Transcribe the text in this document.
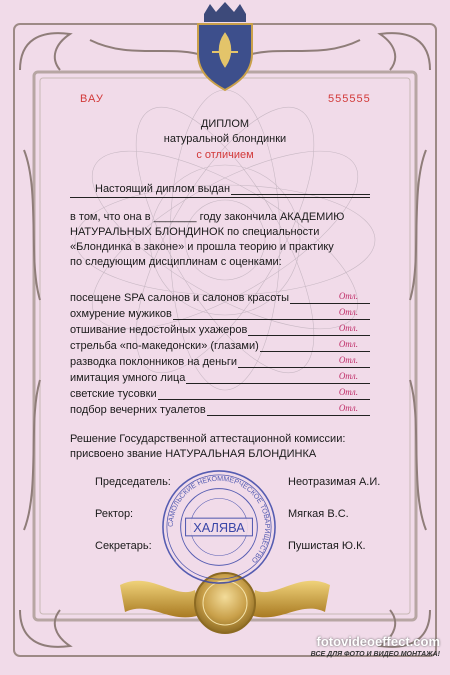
ВАУ	555555
ДИПЛОМ
натуральной блондинки
с отличием
Настоящий диплом выдан
в том, что она в _______ году закончила АКАДЕМИЮ
НАТУРАЛЬНЫХ БЛОНДИНОК по специальности
«Блондинка в законе» и прошла теорию и практику
по следующим дисциплинам с оценками:
посещене SPA салонов и салонов красоты	Отл.
охмурение мужиков	Отл.
отшивание недостойных ухажеров	Отл.
стрельба «по-македонски» (глазами)	Отл.
разводка поклонников на деньги	Отл.
имитация умного лица	Отл.
светские тусовки	Отл.
подбор вечерних туалетов	Отл.
Решение Государственной аттестационной комиссии:
присвоено звание НАТУРАЛЬНАЯ БЛОНДИНКА
Председатель:	Неотразимая А.И.
Ректор:	Мягкая В.С.
Секретарь:	Пушистая Ю.К.
САМОЛЬСКИЕ НЕКОММЕРЧЕСКОЕ ТОВАРИЩЕСТВО
ХАЛЯВА
fotovideoeffect.com
ВСЕ ДЛЯ ФОТО И ВИДЕО МОНТАЖА!
